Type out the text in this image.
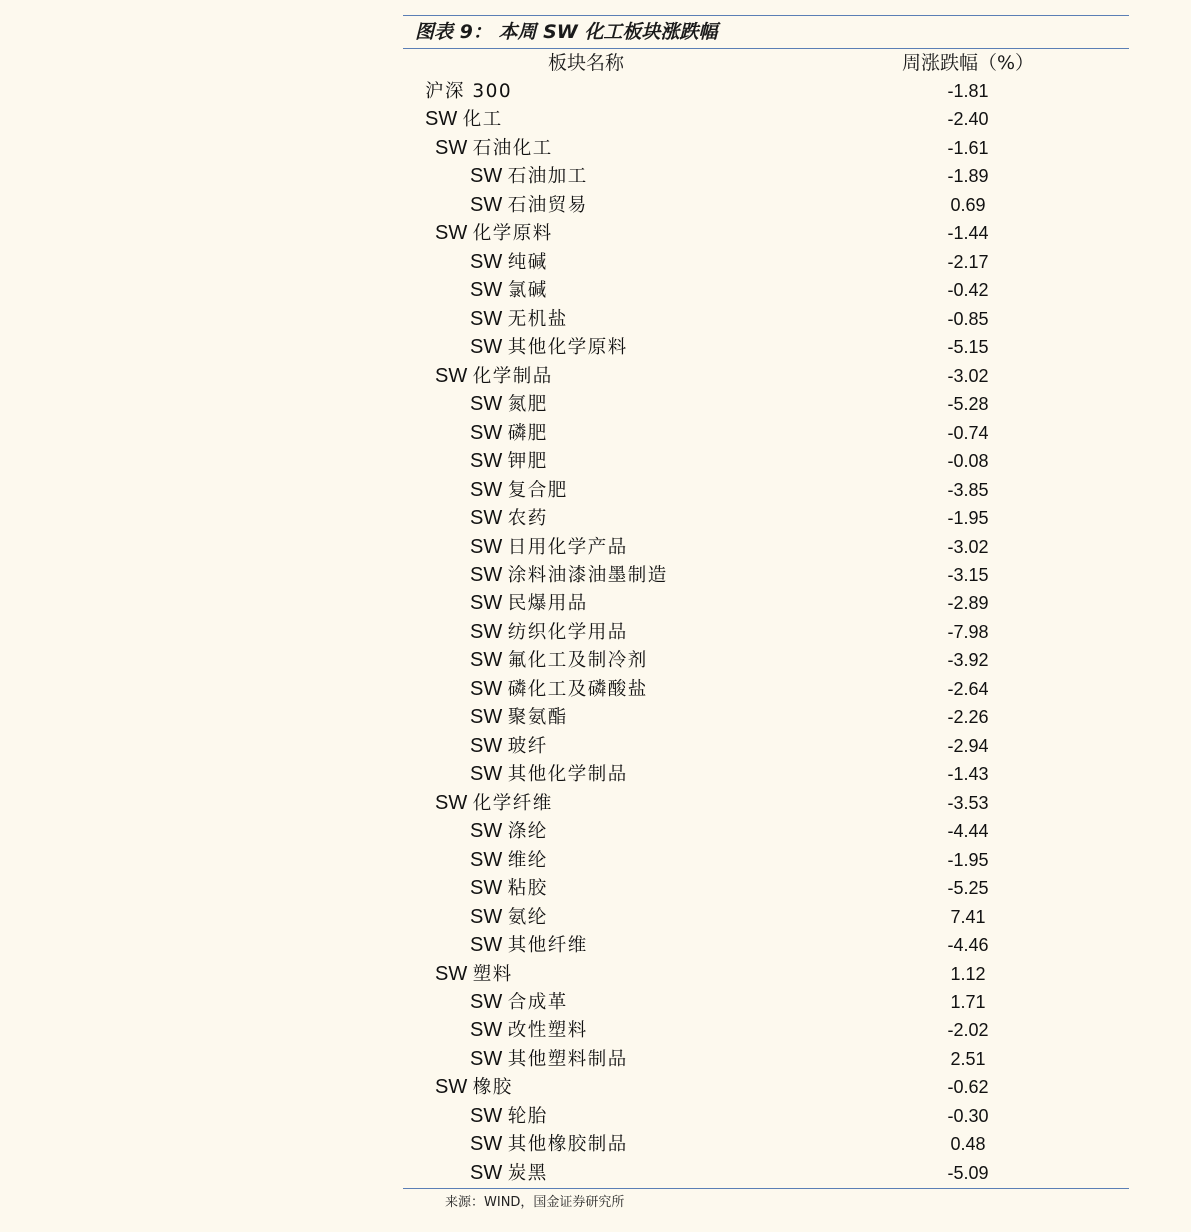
图表 9： 本周 SW 化工板块涨跌幅
板块名称	周涨跌幅（%）
沪深 300	-1.81
SW 化工	-2.40
SW 石油化工	-1.61
SW 石油加工	-1.89
SW 石油贸易	0.69
SW 化学原料	-1.44
SW 纯碱	-2.17
SW 氯碱	-0.42
SW 无机盐	-0.85
SW 其他化学原料	-5.15
SW 化学制品	-3.02
SW 氮肥	-5.28
SW 磷肥	-0.74
SW 钾肥	-0.08
SW 复合肥	-3.85
SW 农药	-1.95
SW 日用化学产品	-3.02
SW 涂料油漆油墨制造	-3.15
SW 民爆用品	-2.89
SW 纺织化学用品	-7.98
SW 氟化工及制冷剂	-3.92
SW 磷化工及磷酸盐	-2.64
SW 聚氨酯	-2.26
SW 玻纤	-2.94
SW 其他化学制品	-1.43
SW 化学纤维	-3.53
SW 涤纶	-4.44
SW 维纶	-1.95
SW 粘胶	-5.25
SW 氨纶	7.41
SW 其他纤维	-4.46
SW 塑料	1.12
SW 合成革	1.71
SW 改性塑料	-2.02
SW 其他塑料制品	2.51
SW 橡胶	-0.62
SW 轮胎	-0.30
SW 其他橡胶制品	0.48
SW 炭黑	-5.09
来源：WIND，国金证券研究所
